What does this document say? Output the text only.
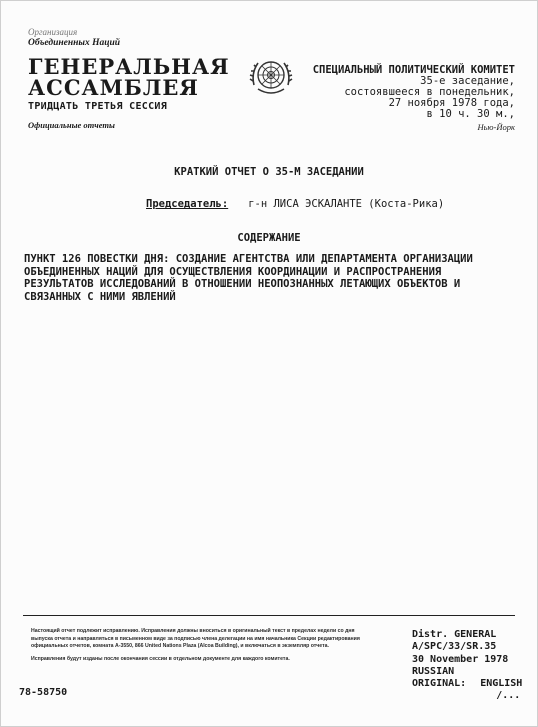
Организация
Объединенных Наций
ГЕНЕРАЛЬНАЯ
АССАМБЛЕЯ
ТРИДЦАТЬ ТРЕТЬЯ СЕССИЯ
Официальные отчеты
СПЕЦИАЛЬНЫЙ ПОЛИТИЧЕСКИЙ КОМИТЕТ
35-е заседание,
состоявшееся в понедельник,
27 ноября 1978 года,
в 10 ч. 30 м.,
Нью-Йорк
КРАТКИЙ ОТЧЕТ О 35-М ЗАСЕДАНИИ
Председатель: г-н ЛИСА ЭСКАЛАНТЕ (Коста-Рика)
СОДЕРЖАНИЕ
ПУНКТ 126 ПОВЕСТКИ ДНЯ: СОЗДАНИЕ АГЕНТСТВА ИЛИ ДЕПАРТАМЕНТА ОРГАНИЗАЦИИ ОБЪЕДИНЕННЫХ НАЦИЙ ДЛЯ ОСУЩЕСТВЛЕНИЯ КООРДИНАЦИИ И РАСПРОСТРАНЕНИЯ РЕЗУЛЬТАТОВ ИССЛЕДОВАНИЙ В ОТНОШЕНИИ НЕОПОЗНАННЫХ ЛЕТАЮЩИХ ОБЪЕКТОВ И СВЯЗАННЫХ С НИМИ ЯВЛЕНИЙ
Настоящий отчет подлежит исправлению. Исправления должны вноситься в оригинальный текст в пределах недели со дня выпуска отчета и направляться в письменном виде за подписью члена делегации на имя начальника Секции редактирования официальных отчетов, комната A-3550, 866 United Nations Plaza (Alcoa Building), и включаться в экземпляр отчета.
Исправления будут изданы после окончания сессии в отдельном документе для каждого комитета.
Distr. GENERAL
A/SPC/33/SR.35
30 November 1978
RUSSIAN
ORIGINAL: ENGLISH
/...
78-58750
